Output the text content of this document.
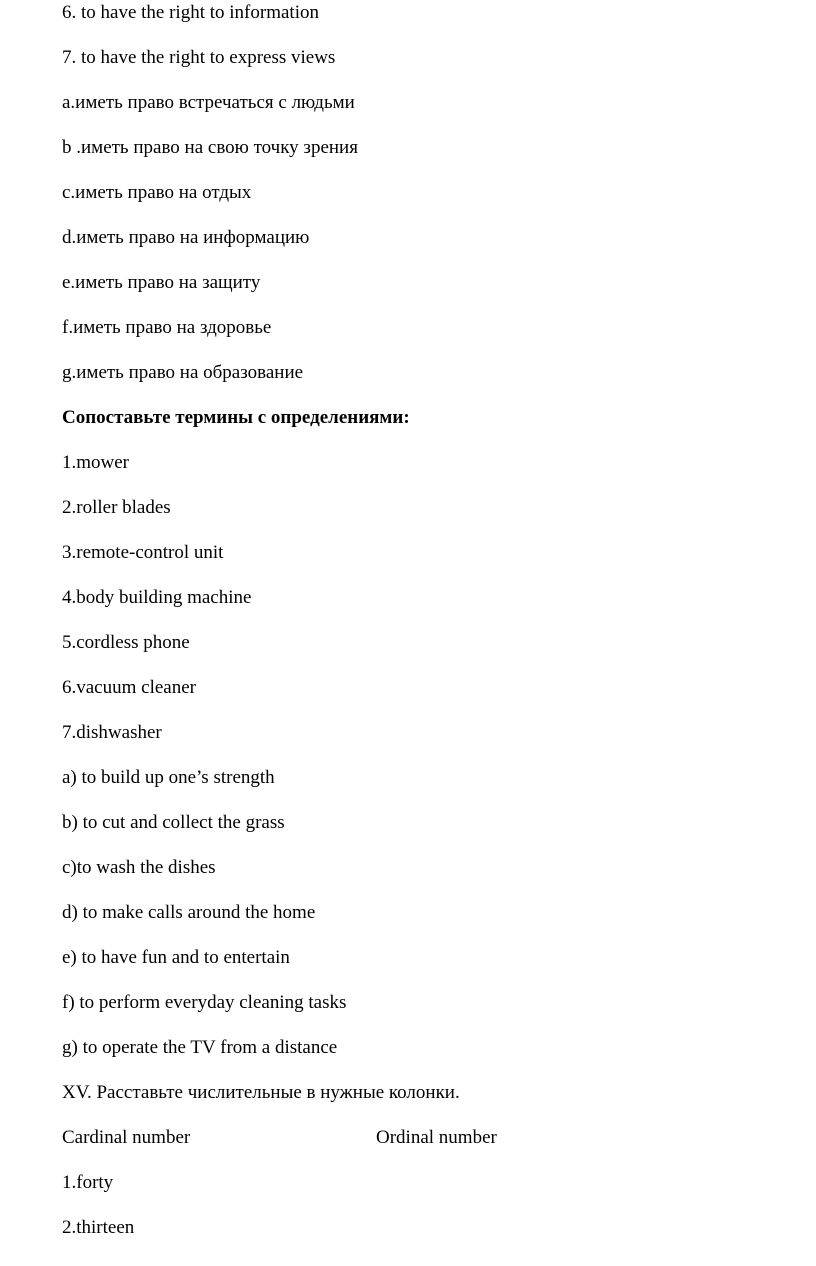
6. to have the right to information
7. to have the right to express views
а.иметь право встречаться с людьми
b .иметь право на свою точку зрения
с.иметь право на отдых
d.иметь право на информацию
е.иметь право на защиту
f.иметь право на здоровье
g.иметь право на образование
Сопоставьте термины с определениями:
1.mower
2.roller blades
3.remote-control unit
4.body building machine
5.cordless phone
6.vacuum cleaner
7.dishwasher
a) to build up one’s strength
b) to cut and collect the grass
c)to wash the dishes
d) to make calls around the home
e) to have fun and to entertain
f) to perform everyday cleaning tasks
g) to operate the TV from a distance
XV. Расставьте числительные в нужные колонки.
Cardinal number	Ordinal number
1.forty
2.thirteen
